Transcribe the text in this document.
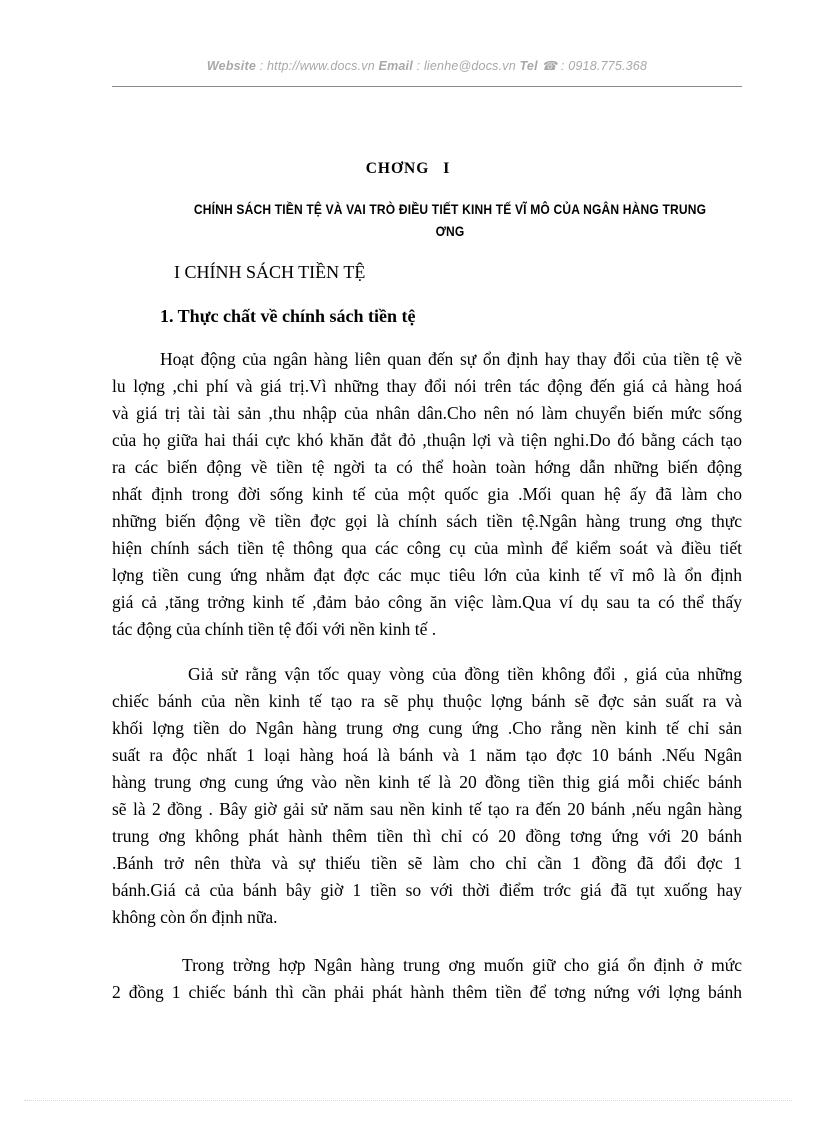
Website : http://www.docs.vn Email : lienhe@docs.vn Tel ☎ : 0918.775.368
CHƠNG I
CHÍNH SÁCH TIỀN TỆ VÀ VAI TRÒ ĐIỀU TIẾT KINH TẾ VĨ MÔ CỦA NGÂN HÀNG TRUNG
ƠNG
I CHÍNH SÁCH TIỀN TỆ
1. Thực chất về chính sách tiền tệ
Hoạt động của ngân hàng liên quan đến sự ổn định hay thay đổi của tiền tệ về
lu lợng ,chi phí và giá trị.Vì những thay đổi nói trên tác động đến giá cả hàng hoá
và giá trị tài tài sản ,thu nhập của nhân dân.Cho nên nó làm chuyển biến mức sống
của họ giữa hai thái cực khó khăn đắt đỏ ,thuận lợi và tiện nghi.Do đó bằng cách tạo
ra các biến động về tiền tệ ngời ta có thể hoàn toàn hớng dẫn những biến động
nhất định trong đời sống kinh tế của một quốc gia .Mối quan hệ ấy đã làm cho
những biến động về tiền đợc gọi là chính sách tiền tệ.Ngân hàng trung ơng thực
hiện chính sách tiền tệ thông qua các công cụ của mình để kiểm soát và điều tiết
lợng tiền cung ứng nhằm đạt đợc các mục tiêu lớn của kinh tế vĩ mô là ổn định
giá cả ,tăng trởng kinh tế ,đảm bảo công ăn việc làm.Qua ví dụ sau ta có thể thấy
tác động của chính tiền tệ đối với nền kinh tế .
Giả sử rằng vận tốc quay vòng của đồng tiền không đổi , giá của những
chiếc bánh của nền kinh tế tạo ra sẽ phụ thuộc lợng bánh sẽ đợc sản suất ra và
khối lợng tiền do Ngân hàng trung ơng cung ứng .Cho rằng nền kinh tế chỉ sản
suất ra độc nhất 1 loại hàng hoá là bánh và 1 năm tạo đợc 10 bánh .Nếu Ngân
hàng trung ơng cung ứng vào nền kinh tế là 20 đồng tiền thig giá mỗi chiếc bánh
sẽ là 2 đồng . Bây giờ gải sử năm sau nền kinh tế tạo ra đến 20 bánh ,nếu ngân hàng
trung ơng không phát hành thêm tiền thì chỉ có 20 đồng tơng ứng với 20 bánh
.Bánh trở nên thừa và sự thiếu tiền sẽ làm cho chỉ cần 1 đồng đã đổi đợc 1
bánh.Giá cả của bánh bây giờ 1 tiền so với thời điểm trớc giá đã tụt xuống hay
không còn ổn định nữa.
Trong trờng hợp Ngân hàng trung ơng muốn giữ cho giá ổn định ở mức
2 đồng 1 chiếc bánh thì cần phải phát hành thêm tiền để tơng nứng với lợng bánh
